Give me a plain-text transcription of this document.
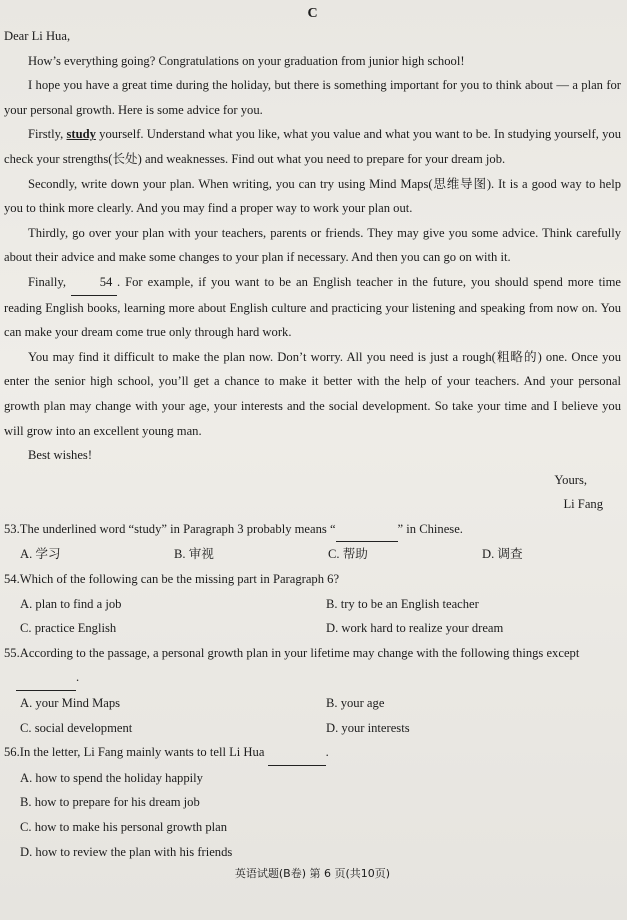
C

Dear Li Hua,

How’s everything going? Congratulations on your graduation from junior high school!

I hope you have a great time during the holiday, but there is something important for you to think about — a plan for your personal growth. Here is some advice for you.

Firstly, study yourself. Understand what you like, what you value and what you want to be. In studying yourself, you check your strengths(长处) and weaknesses. Find out what you need to prepare for your dream job.

Secondly, write down your plan. When writing, you can try using Mind Maps(思维导图). It is a good way to help you to think more clearly. And you may find a proper way to work your plan out.

Thirdly, go over your plan with your teachers, parents or friends. They may give you some advice. Think carefully about their advice and make some changes to your plan if necessary. And then you can go on with it.

Finally, 54 . For example, if you want to be an English teacher in the future, you should spend more time reading English books, learning more about English culture and practicing your listening and speaking from now on. You can make your dream come true only through hard work.

You may find it difficult to make the plan now. Don’t worry. All you need is just a rough(粗略的) one. Once you enter the senior high school, you’ll get a chance to make it better with the help of your teachers. And your personal growth plan may change with your age, your interests and the social development. So take your time and I believe you will grow into an excellent young man.

Best wishes!

Yours,

Li Fang

53.The underlined word “study” in Paragraph 3 probably means “	” in Chinese.

A. 学习	B. 审视	C. 帮助	D. 调查

54.Which of the following can be the missing part in Paragraph 6?

A. plan to find a job	B. try to be an English teacher
C. practice English	D. work hard to realize your dream

55.According to the passage, a personal growth plan in your lifetime may change with the following things except  .

A. your Mind Maps	B. your age
C. social development	D. your interests

56.In the letter, Li Fang mainly wants to tell Li Hua	.

A. how to spend the holiday happily

B. how to prepare for his dream job

C. how to make his personal growth plan

D. how to review the plan with his friends

英语试题(B卷) 第 6 页(共10页)
